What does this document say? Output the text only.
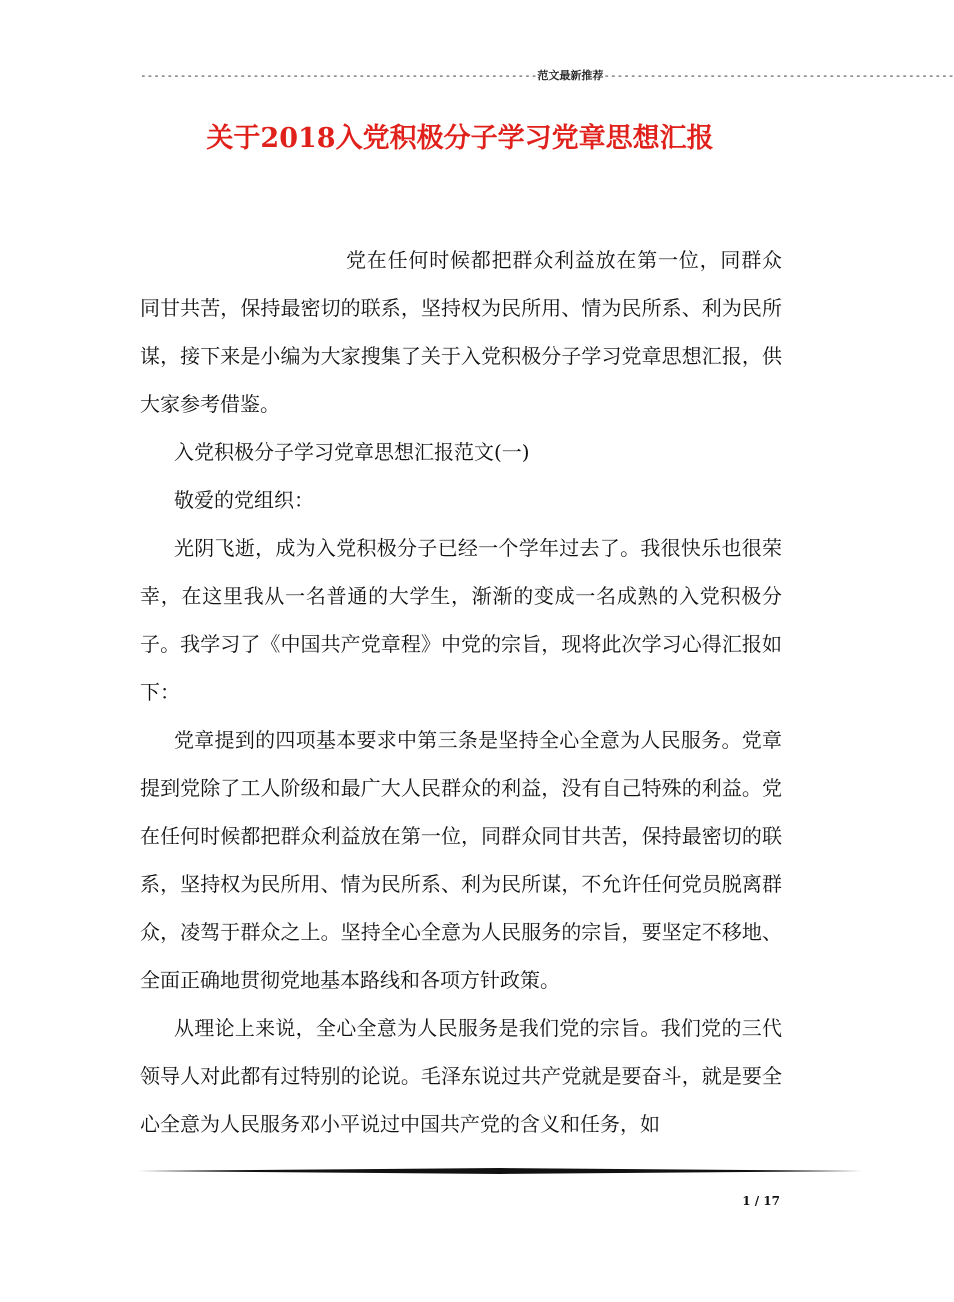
------------------------------------------------------------范文最新推荐-----------------------------------------------------
关于2018入党积极分子学习党章思想汇报

党在任何时候都把群众利益放在第一位，同群众同甘共苦，保持最密切的联系，坚持权为民所用、情为民所系、利为民所谋，接下来是小编为大家搜集了关于入党积极分子学习党章思想汇报，供大家参考借鉴。

入党积极分子学习党章思想汇报范文(一)

敬爱的党组织：

光阴飞逝，成为入党积极分子已经一个学年过去了。我很快乐也很荣幸，在这里我从一名普通的大学生，渐渐的变成一名成熟的入党积极分子。我学习了《中国共产党章程》中党的宗旨，现将此次学习心得汇报如下：

党章提到的四项基本要求中第三条是坚持全心全意为人民服务。党章提到党除了工人阶级和最广大人民群众的利益，没有自己特殊的利益。党在任何时候都把群众利益放在第一位，同群众同甘共苦，保持最密切的联系，坚持权为民所用、情为民所系、利为民所谋，不允许任何党员脱离群众，凌驾于群众之上。坚持全心全意为人民服务的宗旨，要坚定不移地、全面正确地贯彻党地基本路线和各项方针政策。

从理论上来说，全心全意为人民服务是我们党的宗旨。我们党的三代领导人对此都有过特别的论说。毛泽东说过共产党就是要奋斗，就是要全心全意为人民服务邓小平说过中国共产党的含义和任务，如

1 / 17
